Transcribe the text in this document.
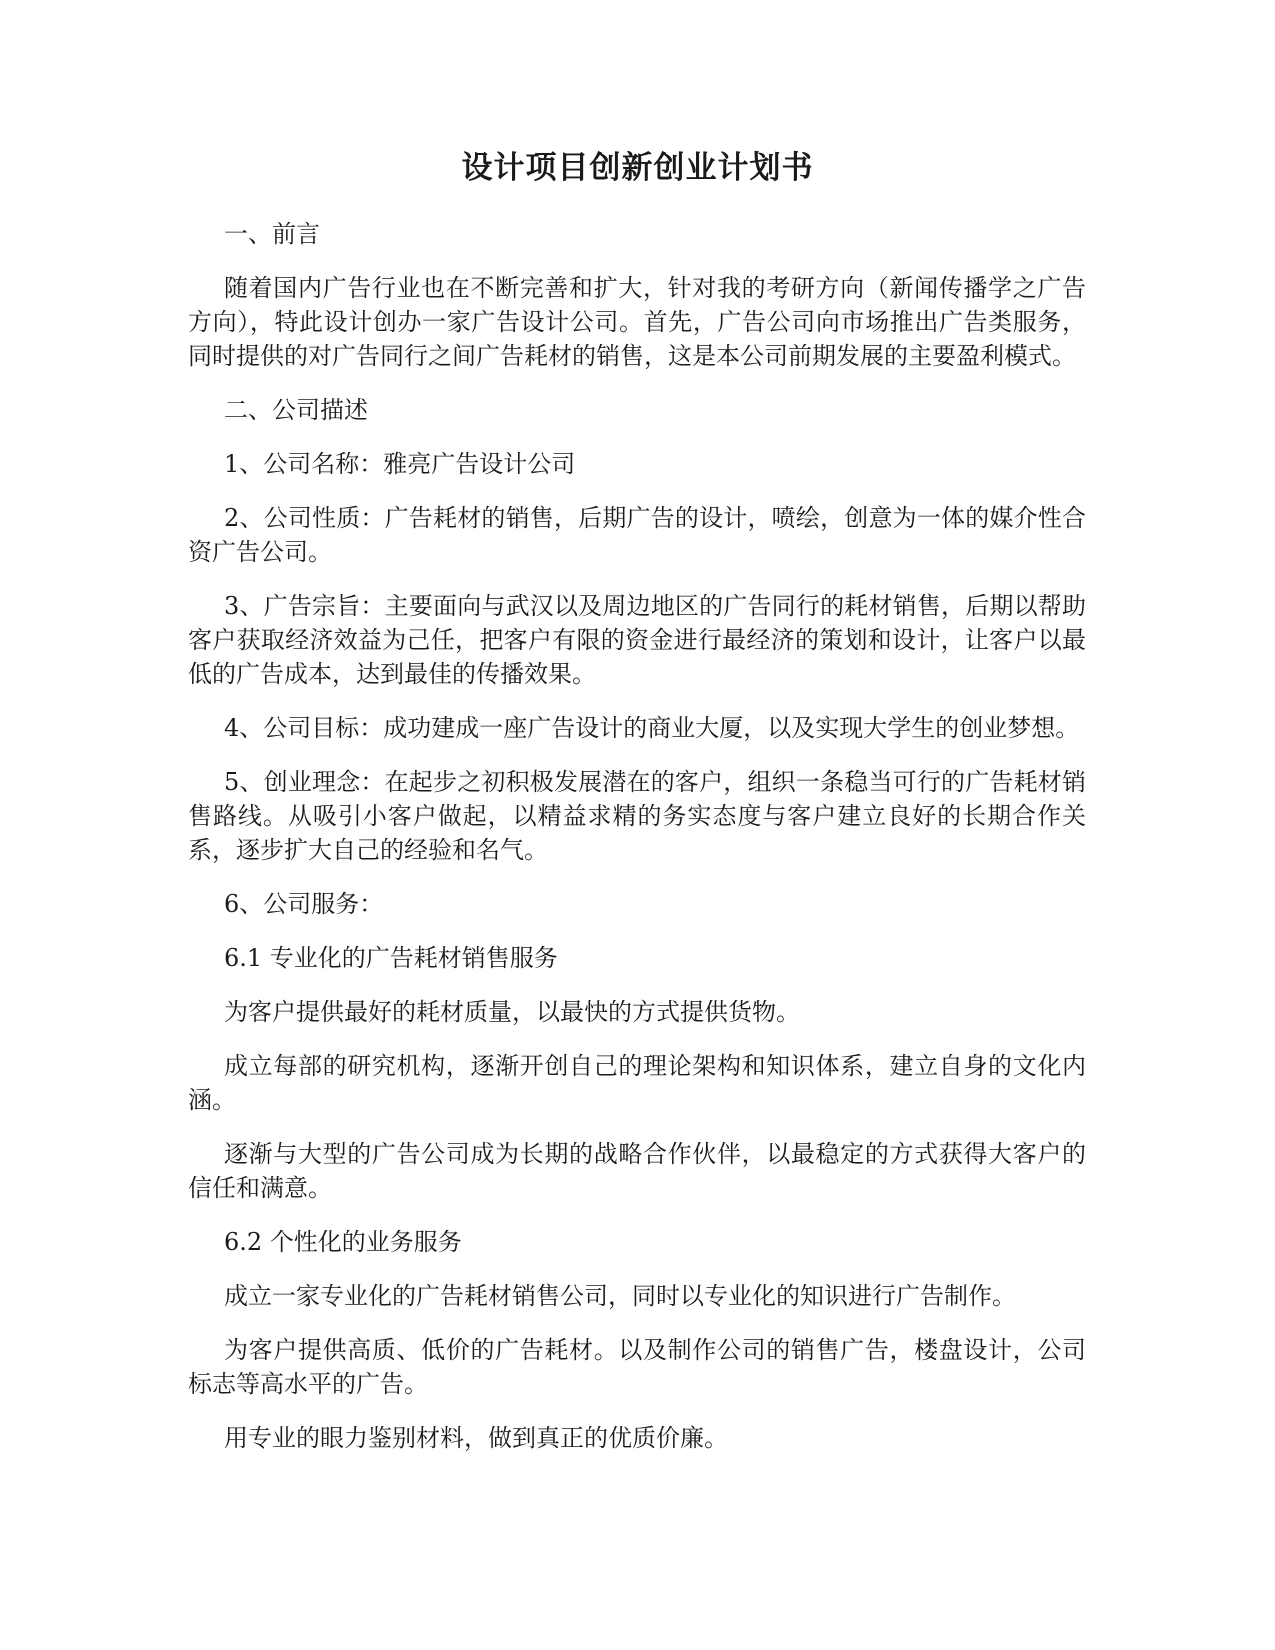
设计项目创新创业计划书

一、前言

随着国内广告行业也在不断完善和扩大，针对我的考研方向（新闻传播学之广告方向），特此设计创办一家广告设计公司。首先，广告公司向市场推出广告类服务，同时提供的对广告同行之间广告耗材的销售，这是本公司前期发展的主要盈利模式。

二、公司描述

1、公司名称：雅亮广告设计公司

2、公司性质：广告耗材的销售，后期广告的设计，喷绘，创意为一体的媒介性合资广告公司。

3、广告宗旨：主要面向与武汉以及周边地区的广告同行的耗材销售，后期以帮助客户获取经济效益为己任，把客户有限的资金进行最经济的策划和设计，让客户以最低的广告成本，达到最佳的传播效果。

4、公司目标：成功建成一座广告设计的商业大厦，以及实现大学生的创业梦想。

5、创业理念：在起步之初积极发展潜在的客户，组织一条稳当可行的广告耗材销售路线。从吸引小客户做起，以精益求精的务实态度与客户建立良好的长期合作关系，逐步扩大自己的经验和名气。

6、公司服务：

6.1 专业化的广告耗材销售服务

为客户提供最好的耗材质量，以最快的方式提供货物。

成立每部的研究机构，逐渐开创自己的理论架构和知识体系，建立自身的文化内涵。

逐渐与大型的广告公司成为长期的战略合作伙伴，以最稳定的方式获得大客户的信任和满意。

6.2 个性化的业务服务

成立一家专业化的广告耗材销售公司，同时以专业化的知识进行广告制作。

为客户提供高质、低价的广告耗材。以及制作公司的销售广告，楼盘设计，公司标志等高水平的广告。

用专业的眼力鉴别材料，做到真正的优质价廉。
